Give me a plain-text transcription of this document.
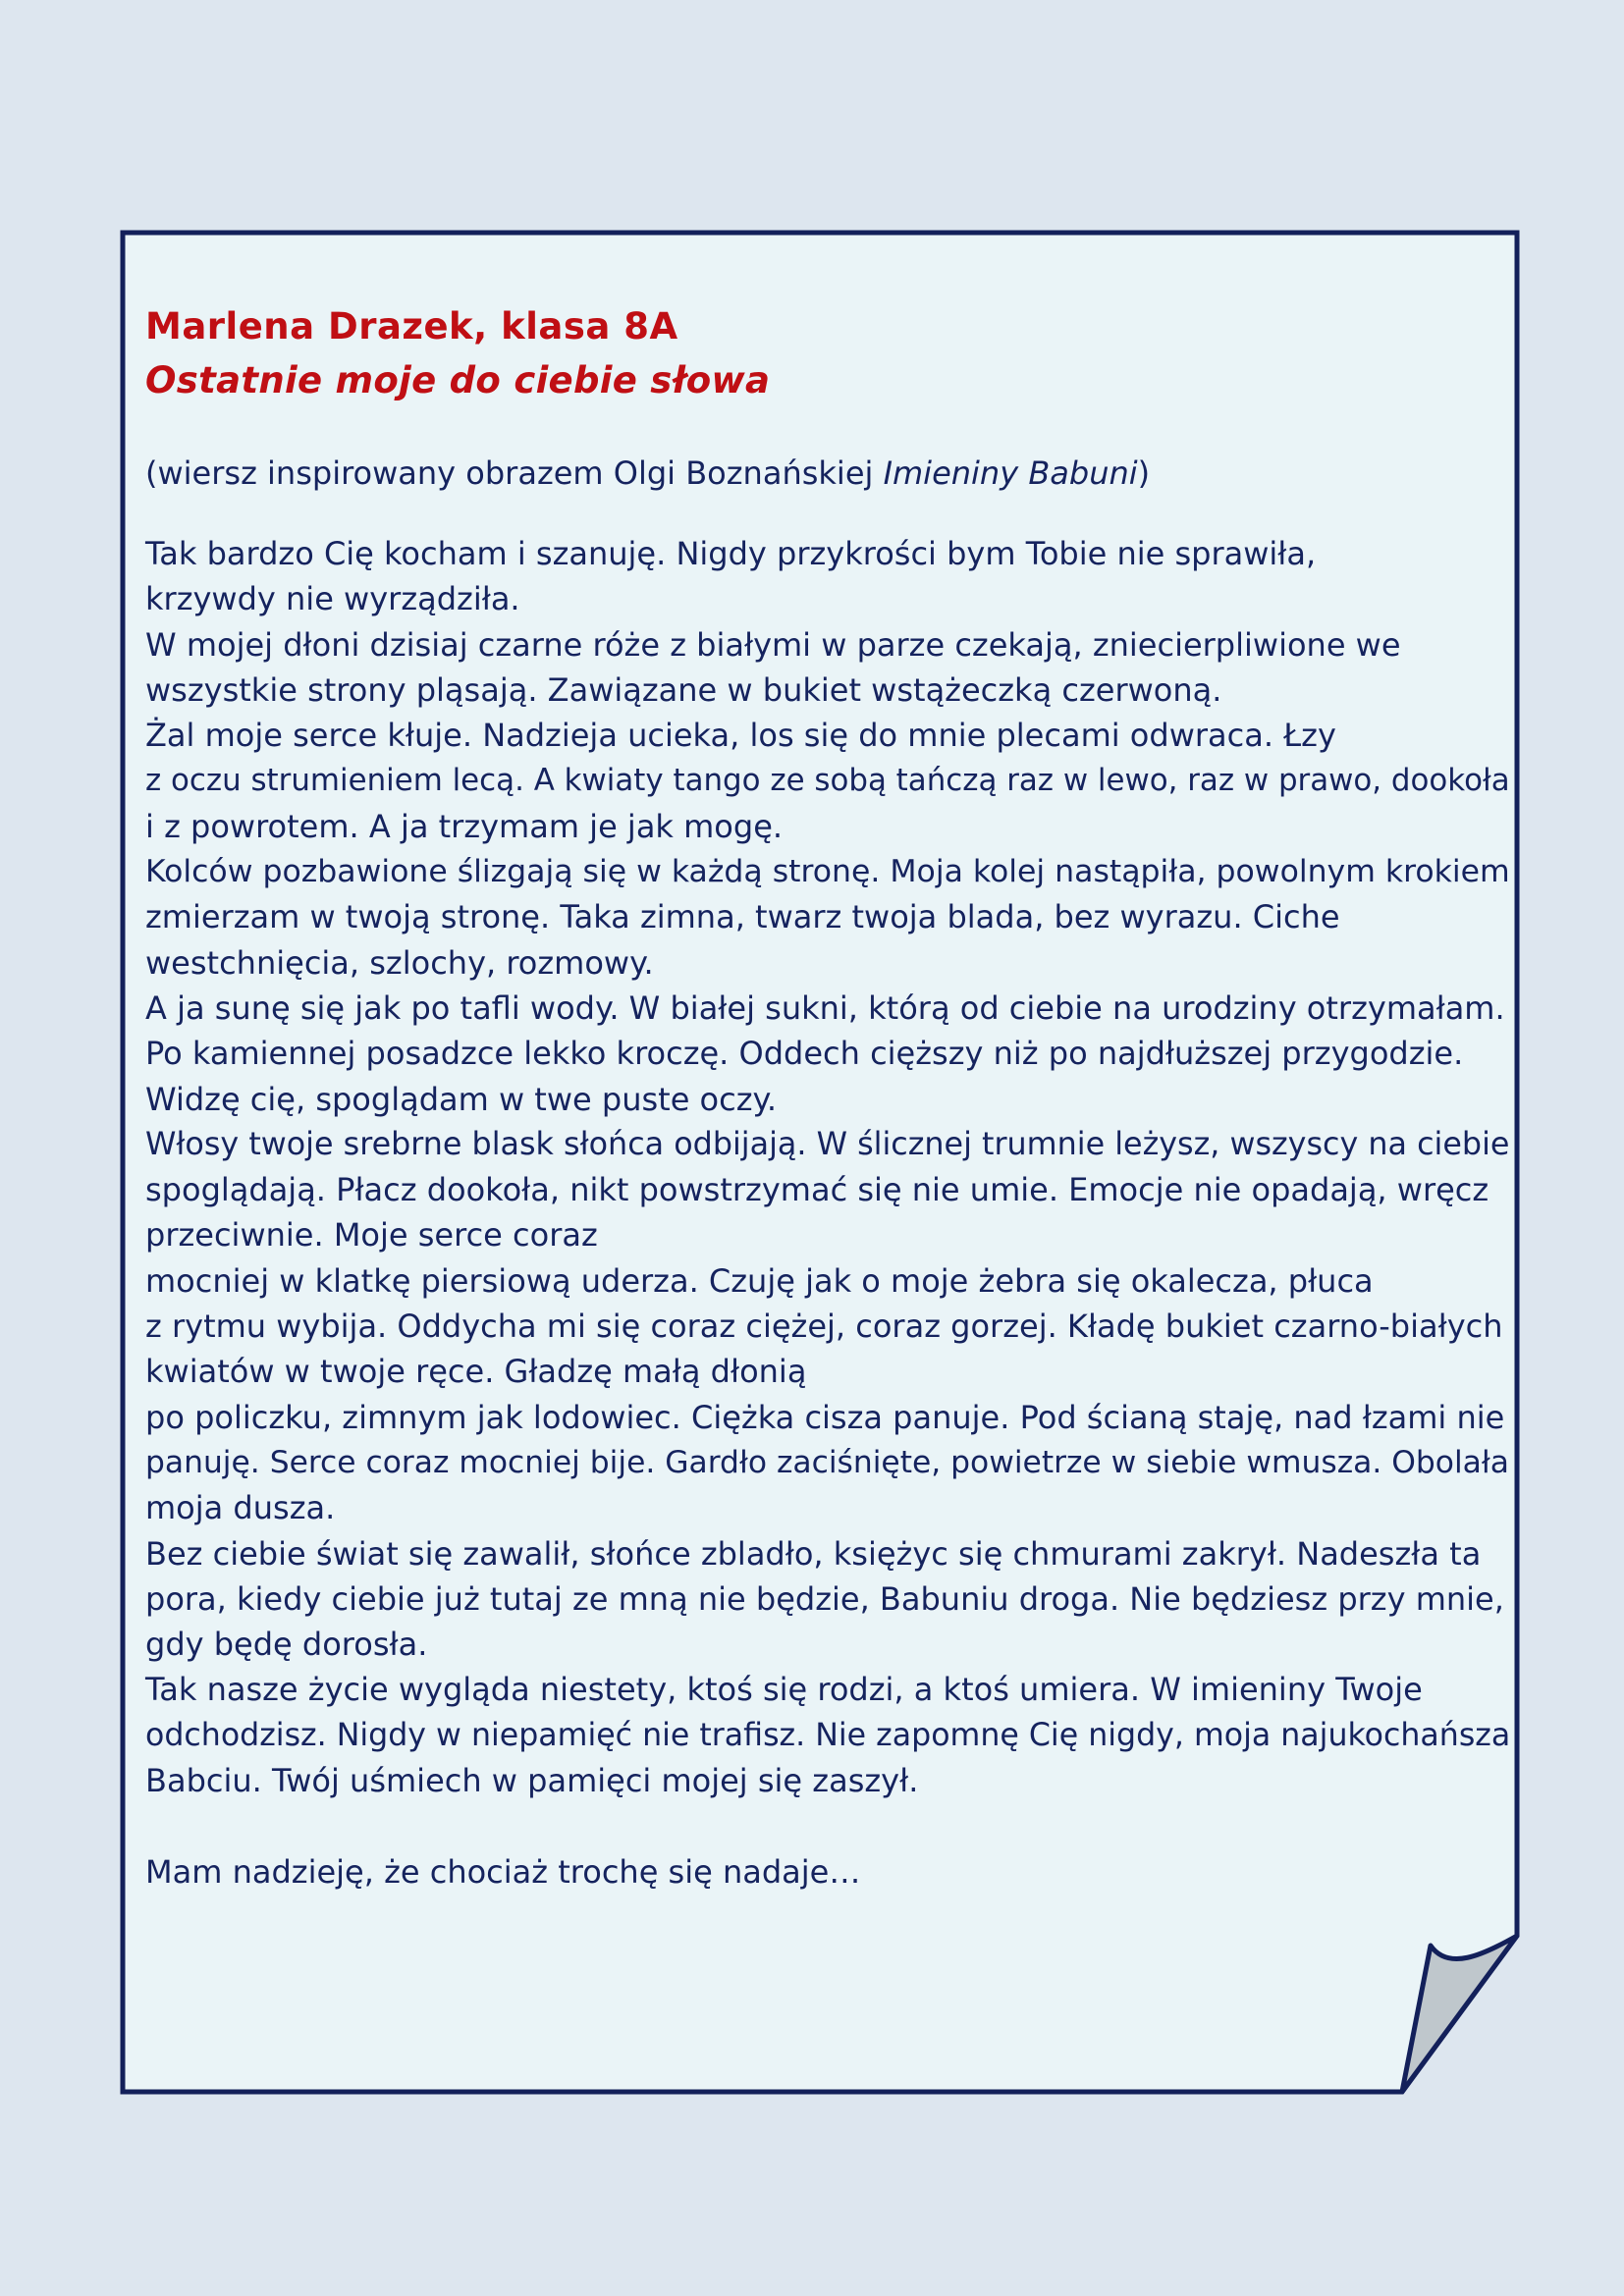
Marlena Drazek, klasa 8A
Ostatnie moje do ciebie słowa
(wiersz inspirowany obrazem Olgi Boznańskiej Imieniny Babuni)
Tak bardzo Cię kocham i szanuję. Nigdy przykrości bym Tobie nie sprawiła,
krzywdy nie wyrządziła.
W mojej dłoni dzisiaj czarne róże z białymi w parze czekają, zniecierpliwione we
wszystkie strony pląsają. Zawiązane w bukiet wstążeczką czerwoną.
Żal moje serce kłuje. Nadzieja ucieka, los się do mnie plecami odwraca. Łzy
z oczu strumieniem lecą. A kwiaty tango ze sobą tańczą raz w lewo, raz w prawo, dookoła
i z powrotem. A ja trzymam je jak mogę.
Kolców pozbawione ślizgają się w każdą stronę. Moja kolej nastąpiła, powolnym krokiem
zmierzam w twoją stronę. Taka zimna, twarz twoja blada, bez wyrazu. Ciche
westchnięcia, szlochy, rozmowy.
A ja sunę się jak po tafli wody. W białej sukni, którą od ciebie na urodziny otrzymałam.
Po kamiennej posadzce lekko kroczę. Oddech cięższy niż po najdłuższej przygodzie.
Widzę cię, spoglądam w twe puste oczy.
Włosy twoje srebrne blask słońca odbijają. W ślicznej trumnie leżysz, wszyscy na ciebie
spoglądają. Płacz dookoła, nikt powstrzymać się nie umie. Emocje nie opadają, wręcz
przeciwnie. Moje serce coraz
mocniej w klatkę piersiową uderza. Czuję jak o moje żebra się okalecza, płuca
z rytmu wybija. Oddycha mi się coraz ciężej, coraz gorzej. Kładę bukiet czarno-białych
kwiatów w twoje ręce. Gładzę małą dłonią
po policzku, zimnym jak lodowiec. Ciężka cisza panuje. Pod ścianą staję, nad łzami nie
panuję. Serce coraz mocniej bije. Gardło zaciśnięte, powietrze w siebie wmusza. Obolała
moja dusza.
Bez ciebie świat się zawalił, słońce zbladło, księżyc się chmurami zakrył. Nadeszła ta
pora, kiedy ciebie już tutaj ze mną nie będzie, Babuniu droga. Nie będziesz przy mnie,
gdy będę dorosła.
Tak nasze życie wygląda niestety, ktoś się rodzi, a ktoś umiera. W imieniny Twoje
odchodzisz. Nigdy w niepamięć nie trafisz. Nie zapomnę Cię nigdy, moja najukochańsza
Babciu. Twój uśmiech w pamięci mojej się zaszył.
Mam nadzieję, że chociaż trochę się nadaje…
